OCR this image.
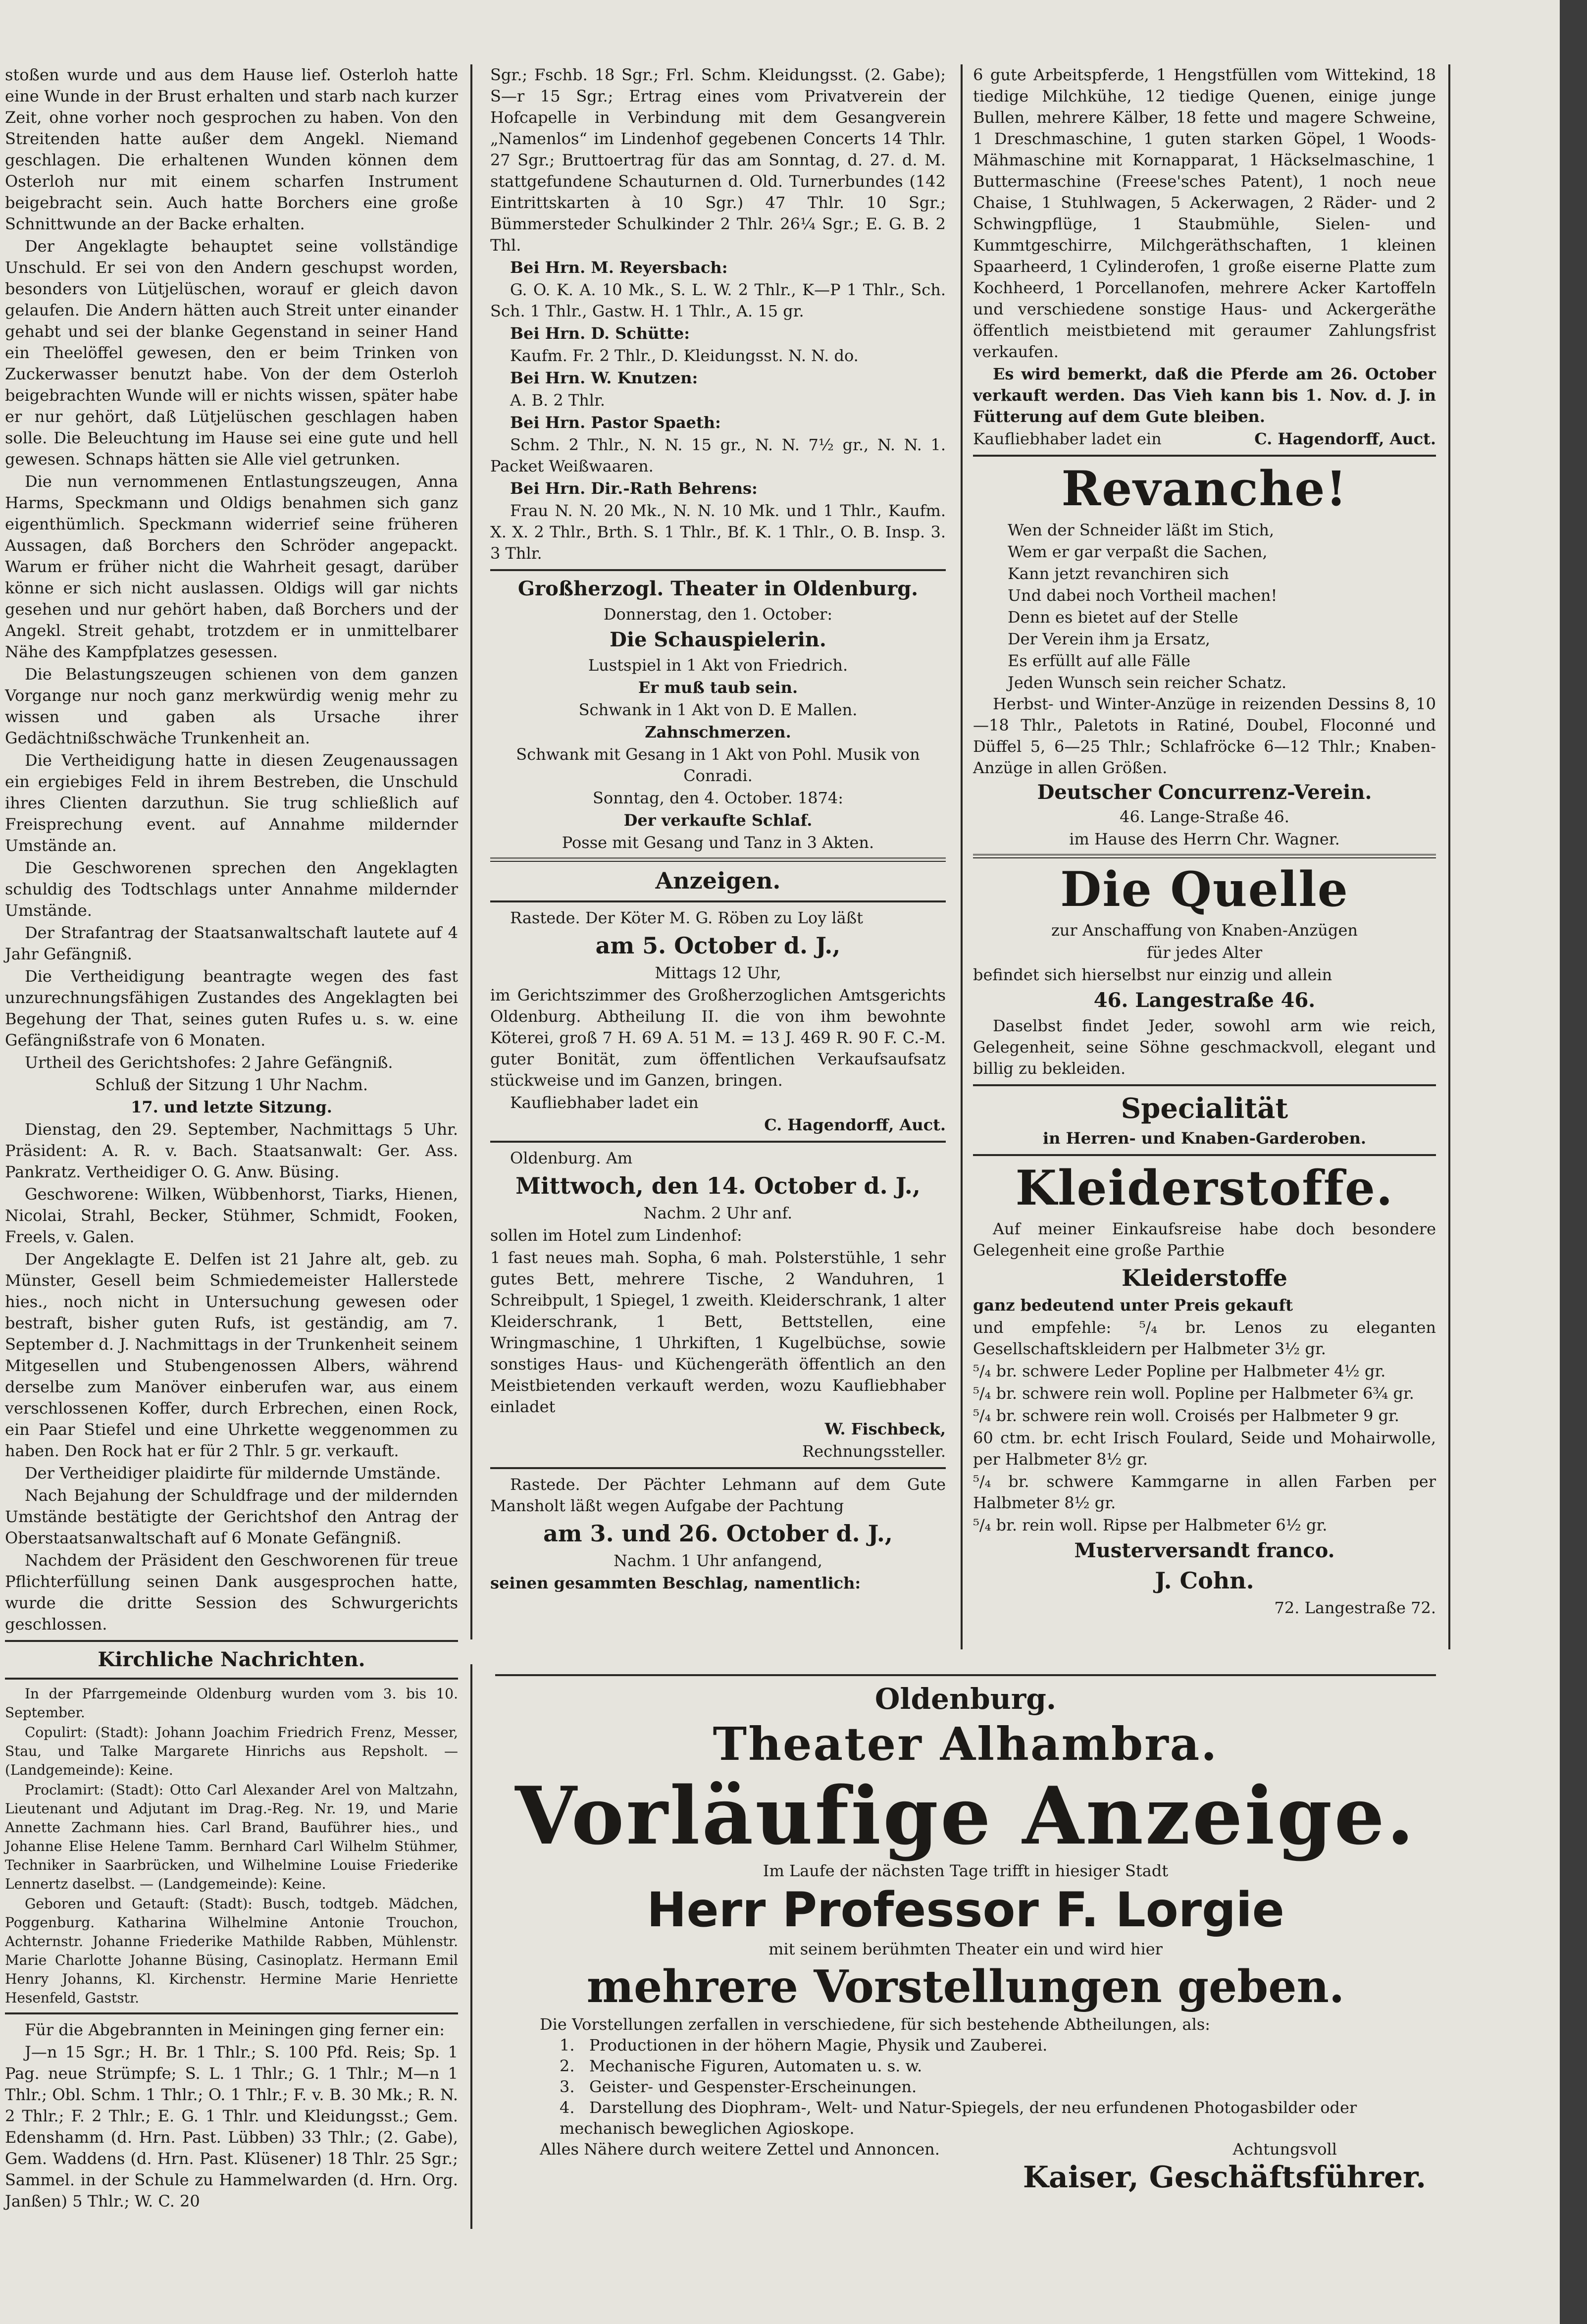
stoßen wurde und aus dem Hause lief. Osterloh hatte eine Wunde in der Brust erhalten und starb nach kurzer Zeit, ohne vorher noch gesprochen zu haben. Von den Streitenden hatte außer dem Angekl. Niemand geschlagen. Die erhaltenen Wunden können dem Osterloh nur mit einem scharfen Instrument beigebracht sein. Auch hatte Borchers eine große Schnittwunde an der Backe erhalten.

Der Angeklagte behauptet seine vollständige Unschuld. Er sei von den Andern geschupst worden, besonders von Lütjelüschen, worauf er gleich davon gelaufen. Die Andern hätten auch Streit unter einander gehabt und sei der blanke Gegenstand in seiner Hand ein Theelöffel gewesen, den er beim Trinken von Zuckerwasser benutzt habe. Von der dem Osterloh beigebrachten Wunde will er nichts wissen, später habe er nur gehört, daß Lütjelüschen geschlagen haben solle. Die Beleuchtung im Hause sei eine gute und hell gewesen. Schnaps hätten sie Alle viel getrunken.

Die nun vernommenen Entlastungszeugen, Anna Harms, Speckmann und Oldigs benahmen sich ganz eigenthümlich. Speckmann widerrief seine früheren Aussagen, daß Borchers den Schröder angepackt. Warum er früher nicht die Wahrheit gesagt, darüber könne er sich nicht auslassen. Oldigs will gar nichts gesehen und nur gehört haben, daß Borchers und der Angekl. Streit gehabt, trotzdem er in unmittelbarer Nähe des Kampfplatzes gesessen.

Die Belastungszeugen schienen von dem ganzen Vorgange nur noch ganz merkwürdig wenig mehr zu wissen und gaben als Ursache ihrer Gedächtnißschwäche Trunkenheit an.

Die Vertheidigung hatte in diesen Zeugenaussagen ein ergiebiges Feld in ihrem Bestreben, die Unschuld ihres Clienten darzuthun. Sie trug schließlich auf Freisprechung event. auf Annahme mildernder Umstände an.

Die Geschworenen sprechen den Angeklagten schuldig des Todtschlags unter Annahme mildernder Umstände.

Der Strafantrag der Staatsanwaltschaft lautete auf 4 Jahr Gefängniß.

Die Vertheidigung beantragte wegen des fast unzurechnungsfähigen Zustandes des Angeklagten bei Begehung der That, seines guten Rufes u. s. w. eine Gefängnißstrafe von 6 Monaten.

Urtheil des Gerichtshofes: 2 Jahre Gefängniß.

Schluß der Sitzung 1 Uhr Nachm.

17. und letzte Sitzung.

Dienstag, den 29. September, Nachmittags 5 Uhr. Präsident: A. R. v. Bach. Staatsanwalt: Ger. Ass. Pankratz. Vertheidiger O. G. Anw. Büsing.

Geschworene: Wilken, Wübbenhorst, Tiarks, Hienen, Nicolai, Strahl, Becker, Stühmer, Schmidt, Fooken, Freels, v. Galen.

Der Angeklagte E. Delfen ist 21 Jahre alt, geb. zu Münster, Gesell beim Schmiedemeister Hallerstede hies., noch nicht in Untersuchung gewesen oder bestraft, bisher guten Rufs, ist geständig, am 7. September d. J. Nachmittags in der Trunkenheit seinem Mitgesellen und Stubengenossen Albers, während derselbe zum Manöver einberufen war, aus einem verschlossenen Koffer, durch Erbrechen, einen Rock, ein Paar Stiefel und eine Uhrkette weggenommen zu haben. Den Rock hat er für 2 Thlr. 5 gr. verkauft.

Der Vertheidiger plaidirte für mildernde Umstände.

Nach Bejahung der Schuldfrage und der mildernden Umstände bestätigte der Gerichtshof den Antrag der Oberstaatsanwaltschaft auf 6 Monate Gefängniß.

Nachdem der Präsident den Geschworenen für treue Pflichterfüllung seinen Dank ausgesprochen hatte, wurde die dritte Session des Schwurgerichts geschlossen.

Kirchliche Nachrichten.

In der Pfarrgemeinde Oldenburg wurden vom 3. bis 10. September.

Copulirt: (Stadt): Johann Joachim Friedrich Frenz, Messer, Stau, und Talke Margarete Hinrichs aus Repsholt. — (Landgemeinde): Keine.

Proclamirt: (Stadt): Otto Carl Alexander Arel von Maltzahn, Lieutenant und Adjutant im Drag.-Reg. Nr. 19, und Marie Annette Zachmann hies. Carl Brand, Bauführer hies., und Johanne Elise Helene Tamm. Bernhard Carl Wilhelm Stühmer, Techniker in Saarbrücken, und Wilhelmine Louise Friederike Lennertz daselbst. — (Landgemeinde): Keine.

Geboren und Getauft: (Stadt): Busch, todtgeb. Mädchen, Poggenburg. Katharina Wilhelmine Antonie Trouchon, Achternstr. Johanne Friederike Mathilde Rabben, Mühlenstr. Marie Charlotte Johanne Büsing, Casinoplatz. Hermann Emil Henry Johanns, Kl. Kirchenstr. Hermine Marie Henriette Hesenfeld, Gaststr.

Für die Abgebrannten in Meiningen ging ferner ein:

J—n 15 Sgr.; H. Br. 1 Thlr.; S. 100 Pfd. Reis; Sp. 1 Pag. neue Strümpfe; S. L. 1 Thlr.; G. 1 Thlr.; M—n 1 Thlr.; Obl. Schm. 1 Thlr.; O. 1 Thlr.; F. v. B. 30 Mk.; R. N. 2 Thlr.; F. 2 Thlr.; E. G. 1 Thlr. und Kleidungsst.; Gem. Edenshamm (d. Hrn. Past. Lübben) 33 Thlr.; (2. Gabe), Gem. Waddens (d. Hrn. Past. Klüsener) 18 Thlr. 25 Sgr.; Sammel. in der Schule zu Hammelwarden (d. Hrn. Org. Janßen) 5 Thlr.; W. C. 20

Sgr.; Fschb. 18 Sgr.; Frl. Schm. Kleidungsst. (2. Gabe); S—r 15 Sgr.; Ertrag eines vom Privatverein der Hofcapelle in Verbindung mit dem Gesangverein „Namenlos“ im Lindenhof gegebenen Concerts 14 Thlr. 27 Sgr.; Bruttoertrag für das am Sonntag, d. 27. d. M. stattgefundene Schauturnen d. Old. Turnerbundes (142 Eintrittskarten à 10 Sgr.) 47 Thlr. 10 Sgr.; Bümmersteder Schulkinder 2 Thlr. 26¼ Sgr.; E. G. B. 2 Thl.

Bei Hrn. M. Reyersbach:

G. O. K. A. 10 Mk., S. L. W. 2 Thlr., K—P 1 Thlr., Sch. Sch. 1 Thlr., Gastw. H. 1 Thlr., A. 15 gr.

Bei Hrn. D. Schütte:

Kaufm. Fr. 2 Thlr., D. Kleidungsst. N. N. do.

Bei Hrn. W. Knutzen:

A. B. 2 Thlr.

Bei Hrn. Pastor Spaeth:

Schm. 2 Thlr., N. N. 15 gr., N. N. 7½ gr., N. N. 1. Packet Weißwaaren.

Bei Hrn. Dir.-Rath Behrens:

Frau N. N. 20 Mk., N. N. 10 Mk. und 1 Thlr., Kaufm. X. X. 2 Thlr., Brth. S. 1 Thlr., Bf. K. 1 Thlr., O. B. Insp. 3. 3 Thlr.

Großherzogl. Theater in Oldenburg.

Donnerstag, den 1. October:

Die Schauspielerin.

Lustspiel in 1 Akt von Friedrich.

Er muß taub sein.

Schwank in 1 Akt von D. E Mallen.

Zahnschmerzen.

Schwank mit Gesang in 1 Akt von Pohl. Musik von Conradi.

Sonntag, den 4. October. 1874:

Der verkaufte Schlaf.

Posse mit Gesang und Tanz in 3 Akten.

Anzeigen.

Rastede. Der Köter M. G. Röben zu Loy läßt

am 5. October d. J.,

Mittags 12 Uhr,

im Gerichtszimmer des Großherzoglichen Amtsgerichts Oldenburg. Abtheilung II. die von ihm bewohnte Köterei, groß 7 H. 69 A. 51 M. = 13 J. 469 R. 90 F. C.-M. guter Bonität, zum öffentlichen Verkaufsaufsatz stückweise und im Ganzen, bringen.

Kaufliebhaber ladet ein

C. Hagendorff, Auct.

Oldenburg. Am

Mittwoch, den 14. October d. J.,

Nachm. 2 Uhr anf.

sollen im Hotel zum Lindenhof:

1 fast neues mah. Sopha, 6 mah. Polsterstühle, 1 sehr gutes Bett, mehrere Tische, 2 Wanduhren, 1 Schreibpult, 1 Spiegel, 1 zweith. Kleiderschrank, 1 alter Kleiderschrank, 1 Bett, Bettstellen, eine Wringmaschine, 1 Uhrkiften, 1 Kugelbüchse, sowie sonstiges Haus- und Küchengeräth öffentlich an den Meistbietenden verkauft werden, wozu Kaufliebhaber einladet

W. Fischbeck,

Rechnungssteller.

Rastede. Der Pächter Lehmann auf dem Gute Mansholt läßt wegen Aufgabe der Pachtung

am 3. und 26. October d. J.,

Nachm. 1 Uhr anfangend,

seinen gesammten Beschlag, namentlich:

6 gute Arbeitspferde, 1 Hengstfüllen vom Wittekind, 18 tiedige Milchkühe, 12 tiedige Quenen, einige junge Bullen, mehrere Kälber, 18 fette und magere Schweine, 1 Dreschmaschine, 1 guten starken Göpel, 1 Woods-Mähmaschine mit Kornapparat, 1 Häckselmaschine, 1 Buttermaschine (Freese'sches Patent), 1 noch neue Chaise, 1 Stuhlwagen, 5 Ackerwagen, 2 Räder- und 2 Schwingpflüge, 1 Staubmühle, Sielen- und Kummtgeschirre, Milchgeräthschaften, 1 kleinen Spaarheerd, 1 Cylinderofen, 1 große eiserne Platte zum Kochheerd, 1 Porcellanofen, mehrere Acker Kartoffeln und verschiedene sonstige Haus- und Ackergeräthe öffentlich meistbietend mit geraumer Zahlungsfrist verkaufen.

Es wird bemerkt, daß die Pferde am 26. October verkauft werden. Das Vieh kann bis 1. Nov. d. J. in Fütterung auf dem Gute bleiben.

Kaufliebhaber ladet ein	C. Hagendorff, Auct.

Revanche!

Wen der Schneider läßt im Stich,

Wem er gar verpaßt die Sachen,

Kann jetzt revanchiren sich

Und dabei noch Vortheil machen!

Denn es bietet auf der Stelle

Der Verein ihm ja Ersatz,

Es erfüllt auf alle Fälle

Jeden Wunsch sein reicher Schatz.

Herbst- und Winter-Anzüge in reizenden Dessins 8, 10—18 Thlr., Paletots in Ratiné, Doubel, Floconné und Düffel 5, 6—25 Thlr.; Schlafröcke 6—12 Thlr.; Knaben-Anzüge in allen Größen.

Deutscher Concurrenz-Verein.

46. Lange-Straße 46.

im Hause des Herrn Chr. Wagner.

Die Quelle

zur Anschaffung von Knaben-Anzügen

für jedes Alter

befindet sich hierselbst nur einzig und allein

46. Langestraße 46.

Daselbst findet Jeder, sowohl arm wie reich, Gelegenheit, seine Söhne geschmackvoll, elegant und billig zu bekleiden.

Specialität

in Herren- und Knaben-Garderoben.

Kleiderstoffe.

Auf meiner Einkaufsreise habe doch besondere Gelegenheit eine große Parthie

Kleiderstoffe

ganz bedeutend unter Preis gekauft

und empfehle: ⁵/₄ br. Lenos zu eleganten Gesellschaftskleidern per Halbmeter 3½ gr.

⁵/₄ br. schwere Leder Popline per Halbmeter 4½ gr.

⁵/₄ br. schwere rein woll. Popline per Halbmeter 6¾ gr.

⁵/₄ br. schwere rein woll. Croisés per Halbmeter 9 gr.

60 ctm. br. echt Irisch Foulard, Seide und Mohairwolle, per Halbmeter 8½ gr.

⁵/₄ br. schwere Kammgarne in allen Farben per Halbmeter 8½ gr.

⁵/₄ br. rein woll. Ripse per Halbmeter 6½ gr.

Musterversandt franco.

J. Cohn.

72. Langestraße 72.

Oldenburg.

Theater Alhambra.

Vorläufige Anzeige.

Im Laufe der nächsten Tage trifft in hiesiger Stadt

Herr Professor F. Lorgie

mit seinem berühmten Theater ein und wird hier

mehrere Vorstellungen geben.

Die Vorstellungen zerfallen in verschiedene, für sich bestehende Abtheilungen, als:

1. Productionen in der höhern Magie, Physik und Zauberei.

2. Mechanische Figuren, Automaten u. s. w.

3. Geister- und Gespenster-Erscheinungen.

4. Darstellung des Diophram-, Welt- und Natur-Spiegels, der neu erfundenen Photogasbilder oder mechanisch beweglichen Agioskope.

Alles Nähere durch weitere Zettel und Annoncen.	Achtungsvoll

Kaiser, Geschäftsführer.
